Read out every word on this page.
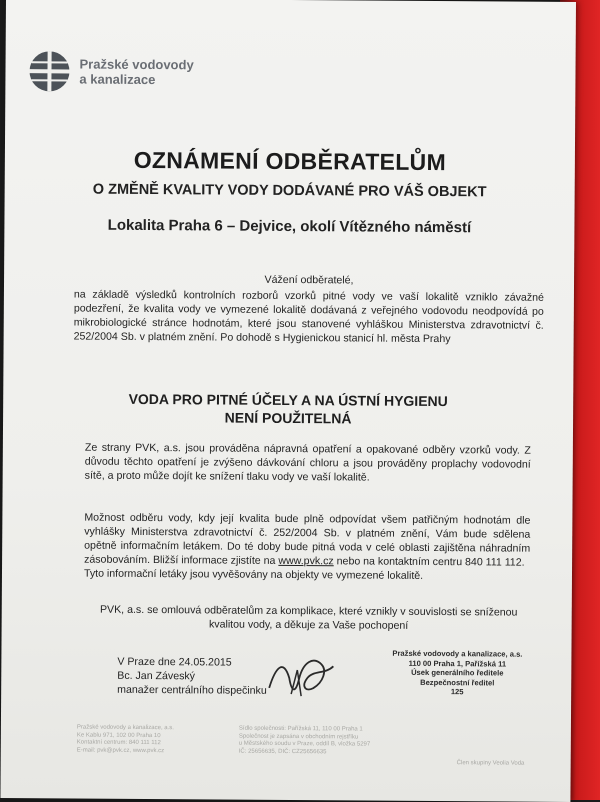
Pražské vodovody
a kanalizace
OZNÁMENÍ ODBĚRATELŮM
O ZMĚNĚ KVALITY VODY DODÁVANÉ PRO VÁŠ OBJEKT
Lokalita Praha 6 – Dejvice, okolí Vítězného náměstí
Vážení odběratelé,
na základě výsledků kontrolních rozborů vzorků pitné vody ve vaší lokalitě vzniklo závažné podezření, že kvalita vody ve vymezené lokalitě dodávaná z veřejného vodovodu neodpovídá po mikrobiologické stránce hodnotám, které jsou stanovené vyhláškou Ministerstva zdravotnictví č. 252/2004 Sb. v platném znění. Po dohodě s Hygienickou stanicí hl. města Prahy
VODA PRO PITNÉ ÚČELY A NA ÚSTNÍ HYGIENU
NENÍ POUŽITELNÁ
Ze strany PVK, a.s. jsou prováděna nápravná opatření a opakované odběry vzorků vody. Z důvodu těchto opatření je zvýšeno dávkování chloru a jsou prováděny proplachy vodovodní sítě, a proto může dojít ke snížení tlaku vody ve vaší lokalitě.
Možnost odběru vody, kdy její kvalita bude plně odpovídat všem patřičným hodnotám dle vyhlášky Ministerstva zdravotnictví č. 252/2004 Sb. v platném znění, Vám bude sdělena opětně informačním letákem. Do té doby bude pitná voda v celé oblasti zajištěna náhradním zásobováním. Bližší informace zjistíte na www.pvk.cz nebo na kontaktním centru 840 111 112.
Tyto informační letáky jsou vyvěšovány na objekty ve vymezené lokalitě.
PVK, a.s. se omlouvá odběratelům za komplikace, které vznikly v souvislosti se sníženou kvalitou vody, a děkuje za Vaše pochopení
V Praze dne 24.05.2015
Bc. Jan Záveský
manažer centrálního dispečinku
Pražské vodovody a kanalizace, a.s.
110 00 Praha 1, Pařížská 11
Úsek generálního ředitele
Bezpečnostní ředitel
125
Pražské vodovody a kanalizace, a.s.
Ke Kablu 971, 102 00 Praha 10
Kontaktní centrum: 840 111 112
E-mail: pvk@pvk.cz, www.pvk.cz
Sídlo společnosti: Pařížská 11, 110 00 Praha 1
Společnost je zapsána v obchodním rejstříku
u Městského soudu v Praze, oddíl B, vložka 5297
IČ: 25656635, DIČ: CZ25656635
Člen skupiny Veolia Voda
